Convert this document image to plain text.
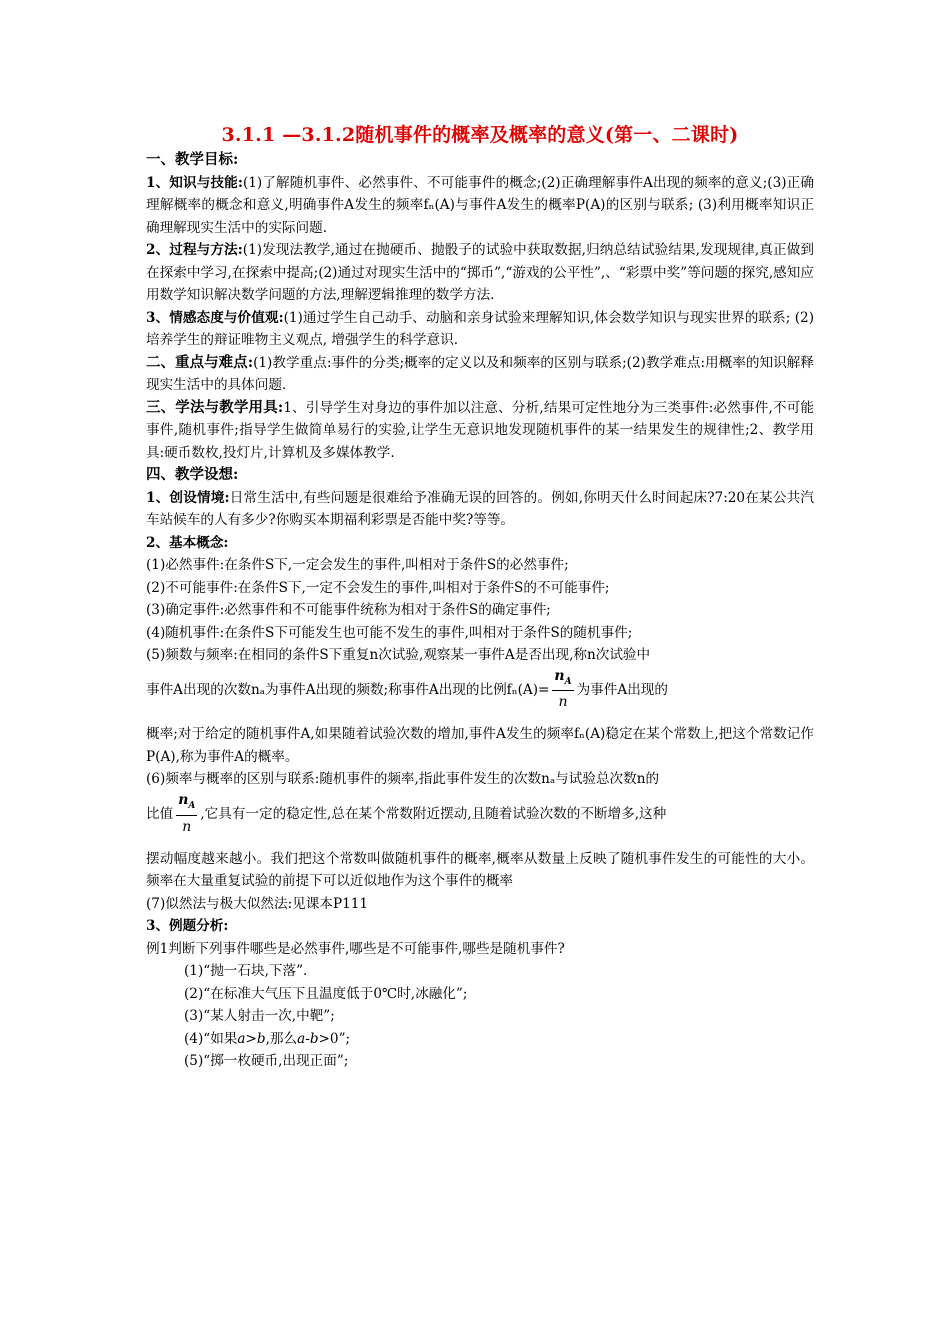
3.1.1 —3.1.2随机事件的概率及概率的意义(第一、二课时)

一、教学目标:

1、知识与技能:(1)了解随机事件、必然事件、不可能事件的概念;(2)正确理解事件A出现的频率的意义;(3)正确理解概率的概念和意义,明确事件A发生的频率fₙ(A)与事件A发生的概率P(A)的区别与联系; (3)利用概率知识正确理解现实生活中的实际问题.

2、过程与方法:(1)发现法教学,通过在抛硬币、抛骰子的试验中获取数据,归纳总结试验结果,发现规律,真正做到在探索中学习,在探索中提高;(2)通过对现实生活中的“掷币”,“游戏的公平性”,、“彩票中奖”等问题的探究,感知应用数学知识解决数学问题的方法,理解逻辑推理的数学方法.

3、情感态度与价值观:(1)通过学生自己动手、动脑和亲身试验来理解知识,体会数学知识与现实世界的联系; (2)培养学生的辩证唯物主义观点, 增强学生的科学意识.

二、重点与难点:(1)教学重点:事件的分类;概率的定义以及和频率的区别与联系;(2)教学难点:用概率的知识解释现实生活中的具体问题.

三、学法与教学用具:1、引导学生对身边的事件加以注意、分析,结果可定性地分为三类事件:必然事件,不可能事件,随机事件;指导学生做简单易行的实验,让学生无意识地发现随机事件的某一结果发生的规律性;2、教学用具:硬币数枚,投灯片,计算机及多媒体教学.

四、教学设想:

1、创设情境:日常生活中,有些问题是很难给予准确无误的回答的。例如,你明天什么时间起床?7:20在某公共汽车站候车的人有多少?你购买本期福利彩票是否能中奖?等等。

2、基本概念:

(1)必然事件:在条件S下,一定会发生的事件,叫相对于条件S的必然事件;

(2)不可能事件:在条件S下,一定不会发生的事件,叫相对于条件S的不可能事件;

(3)确定事件:必然事件和不可能事件统称为相对于条件S的确定事件;

(4)随机事件:在条件S下可能发生也可能不发生的事件,叫相对于条件S的随机事件;

(5)频数与频率:在相同的条件S下重复n次试验,观察某一事件A是否出现,称n次试验中

事件A出现的次数nₐ为事件A出现的频数;称事件A出现的比例$f_n(A)= \frac{n_A}{n}$ 为事件A出现的

概率;对于给定的随机事件A,如果随着试验次数的增加,事件A发生的频率fₙ(A)稳定在某个常数上,把这个常数记作P(A),称为事件A的概率。

(6)频率与概率的区别与联系:随机事件的频率,指此事件发生的次数nₐ与试验总次数n的

比值 $\frac{n_A}{n}$ ,它具有一定的稳定性,总在某个常数附近摆动,且随着试验次数的不断增多,这种

摆动幅度越来越小。我们把这个常数叫做随机事件的概率,概率从数量上反映了随机事件发生的可能性的大小。频率在大量重复试验的前提下可以近似地作为这个事件的概率

(7)似然法与极大似然法:见课本P111

3、例题分析:

例1判断下列事件哪些是必然事件,哪些是不可能事件,哪些是随机事件?

(1)“抛一石块,下落”.

(2)“在标准大气压下且温度低于0℃时,冰融化”;

(3)“某人射击一次,中靶”;

(4)“如果a>b,那么a-b>0”;

(5)“掷一枚硬币,出现正面”;
